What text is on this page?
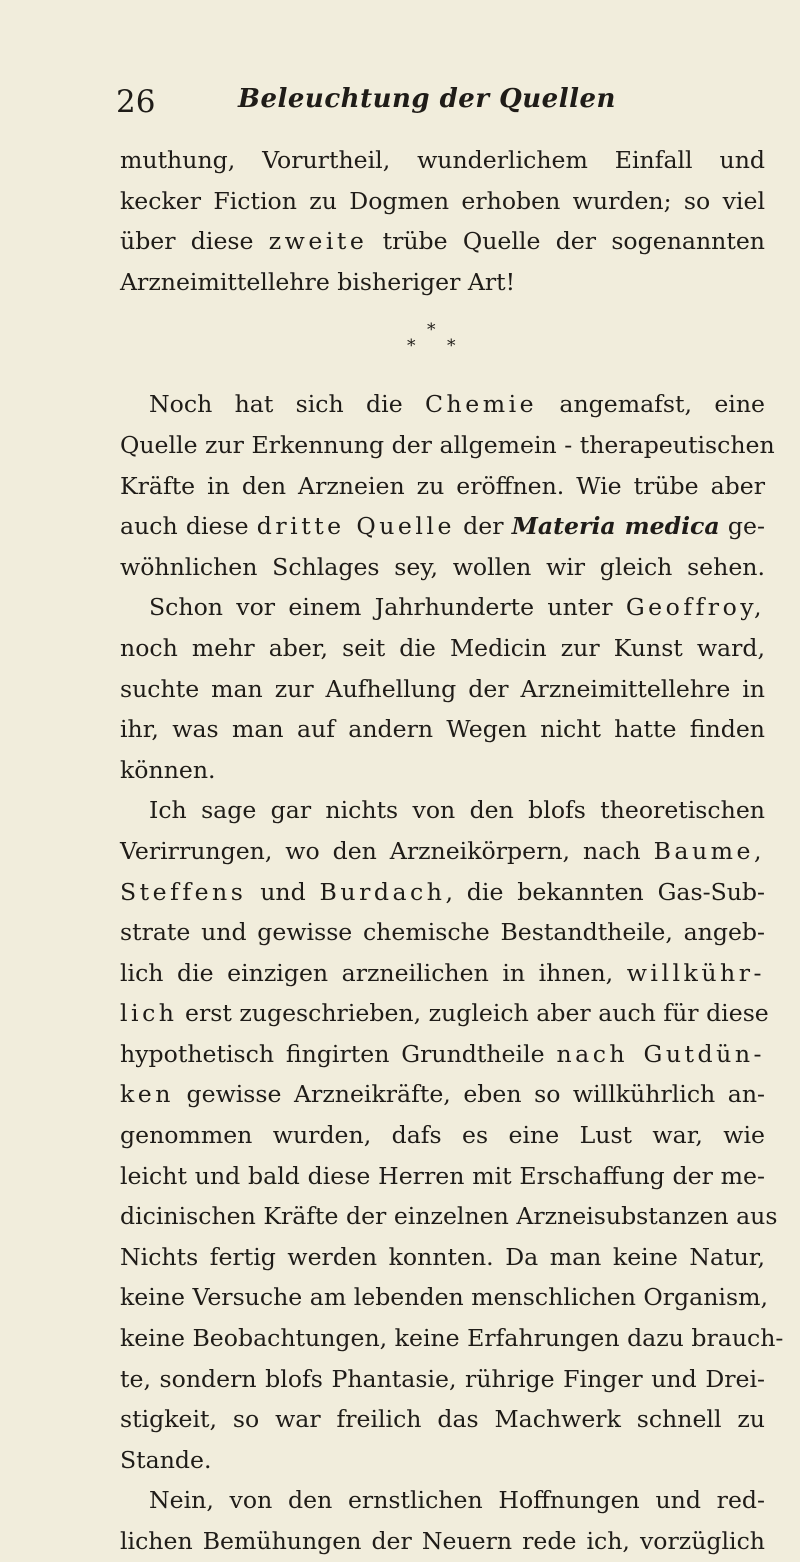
26	Beleuchtung der Quellen
muthung, Vorurtheil, wunderlichem Einfall und
kecker Fiction zu Dogmen erhoben wurden; so viel
über diese zweite trübe Quelle der sogenannten
Arzneimittellehre bisheriger Art!
*
* *
Noch hat sich die Chemie angemafst, eine
Quelle zur Erkennung der allgemein - therapeutischen
Kräfte in den Arzneien zu eröffnen. Wie trübe aber
auch diese dritte Quelle der Materia medica ge-
wöhnlichen Schlages sey, wollen wir gleich sehen.
Schon vor einem Jahrhunderte unter Geoffroy,
noch mehr aber, seit die Medicin zur Kunst ward,
suchte man zur Aufhellung der Arzneimittellehre in
ihr, was man auf andern Wegen nicht hatte finden
können.
Ich sage gar nichts von den blofs theoretischen
Verirrungen, wo den Arzneikörpern, nach Baume,
Steffens und Burdach, die bekannten Gas-Sub-
strate und gewisse chemische Bestandtheile, angeb-
lich die einzigen arzneilichen in ihnen, willkühr-
lich erst zugeschrieben, zugleich aber auch für diese
hypothetisch fingirten Grundtheile nach Gutdün-
ken gewisse Arzneikräfte, eben so willkührlich an-
genommen wurden, dafs es eine Lust war, wie
leicht und bald diese Herren mit Erschaffung der me-
dicinischen Kräfte der einzelnen Arzneisubstanzen aus
Nichts fertig werden konnten. Da man keine Natur,
keine Versuche am lebenden menschlichen Organism,
keine Beobachtungen, keine Erfahrungen dazu brauch-
te, sondern blofs Phantasie, rührige Finger und Drei-
stigkeit, so war freilich das Machwerk schnell zu
Stande.
Nein, von den ernstlichen Hoffnungen und red-
lichen Bemühungen der Neuern rede ich, vorzüglich
